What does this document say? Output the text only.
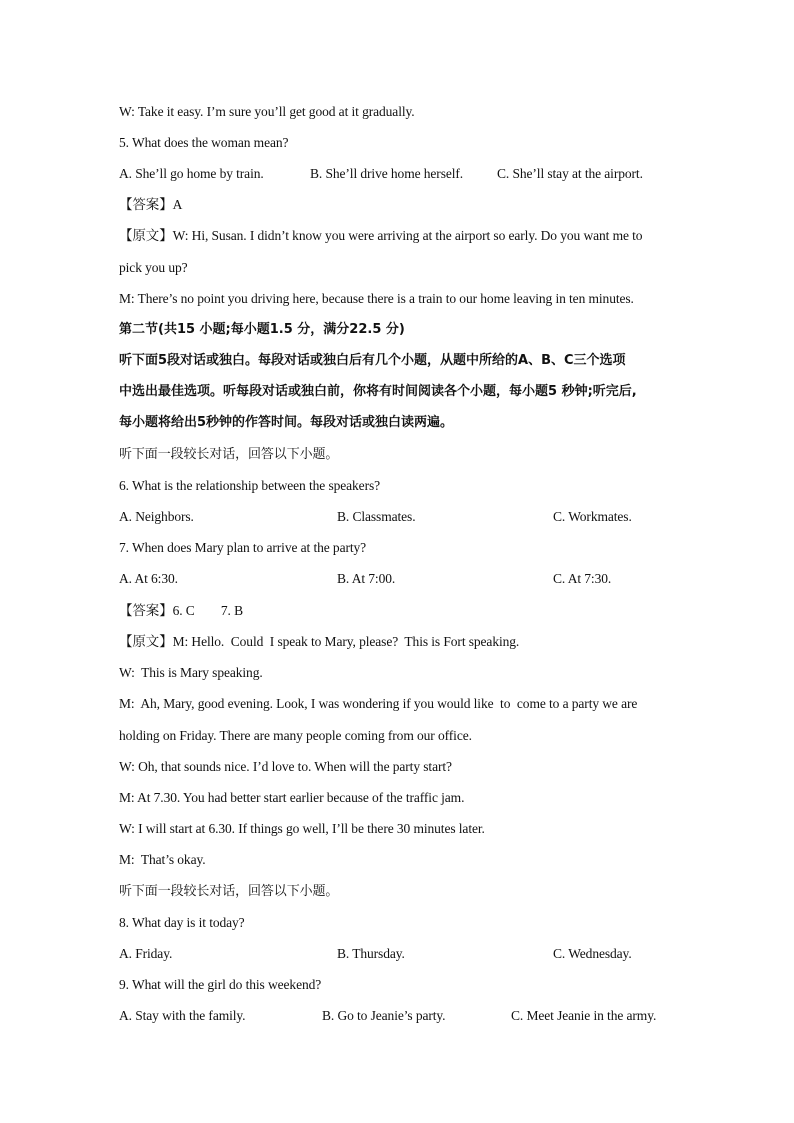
W: Take it easy. I’m sure you’ll get good at it gradually.
5. What does the woman mean?
A. She’ll go home by train.	B. She’ll drive home herself.	C. She’ll stay at the airport.
【答案】A
【原文】W: Hi, Susan. I didn’t know you were arriving at the airport so early. Do you want me to
pick you up?
M: There’s no point you driving here, because there is a train to our home leaving in ten minutes.
第二节(共15 小题;每小题1.5 分，满分22.5 分)
听下面5段对话或独白。每段对话或独白后有几个小题，从题中所给的A、B、C三个选项
中选出最佳选项。听每段对话或独白前，你将有时间阅读各个小题，每小题5 秒钟;听完后,
每小题将给出5秒钟的作答时间。每段对话或独白读两遍。
听下面一段较长对话，回答以下小题。
6. What is the relationship between the speakers?
A. Neighbors.	B. Classmates.	C. Workmates.
7. When does Mary plan to arrive at the party?
A. At 6:30.	B. At 7:00.	C. At 7:30.
【答案】6. C        7. B
【原文】M: Hello.  Could  I speak to Mary, please?  This is Fort speaking.
W:  This is Mary speaking.
M:  Ah, Mary, good evening. Look, I was wondering if you would like  to  come to a party we are
holding on Friday. There are many people coming from our office.
W: Oh, that sounds nice. I’d love to. When will the party start?
M: At 7.30. You had better start earlier because of the traffic jam.
W: I will start at 6.30. If things go well, I’ll be there 30 minutes later.
M:  That’s okay.
听下面一段较长对话，回答以下小题。
8. What day is it today?
A. Friday.	B. Thursday.	C. Wednesday.
9. What will the girl do this weekend?
A. Stay with the family.	B. Go to Jeanie’s party.	C. Meet Jeanie in the army.
